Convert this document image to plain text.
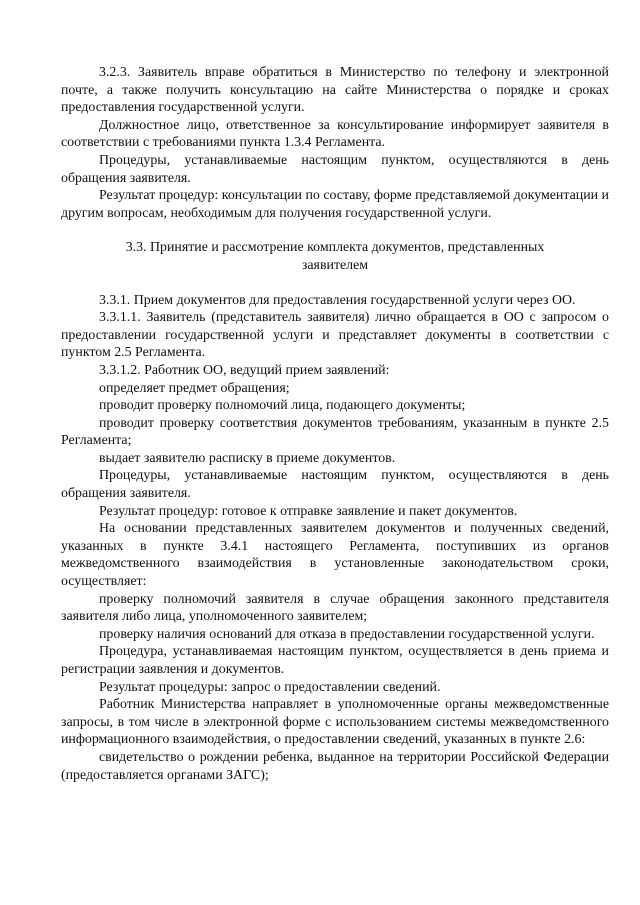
3.2.3. Заявитель вправе обратиться в Министерство по телефону и электронной почте, а также получить консультацию на сайте Министерства о порядке и сроках предоставления государственной услуги.

Должностное лицо, ответственное за консультирование информирует заявителя в соответствии с требованиями пункта 1.3.4 Регламента.

Процедуры, устанавливаемые настоящим пунктом, осуществляются в день обращения заявителя.

Результат процедур: консультации по составу, форме представляемой документации и другим вопросам, необходимым для получения государственной услуги.

3.3. Принятие и рассмотрение комплекта документов, представленных
заявителем

3.3.1. Прием документов для предоставления государственной услуги через ОО.

3.3.1.1. Заявитель (представитель заявителя) лично обращается в ОО с запросом о предоставлении государственной услуги и представляет документы в соответствии с пунктом 2.5 Регламента.

3.3.1.2. Работник ОО, ведущий прием заявлений:

определяет предмет обращения;

проводит проверку полномочий лица, подающего документы;

проводит проверку соответствия документов требованиям, указанным в пункте 2.5 Регламента;

выдает заявителю расписку в приеме документов.

Процедуры, устанавливаемые настоящим пунктом, осуществляются в день обращения заявителя.

Результат процедур: готовое к отправке заявление и пакет документов.

На основании представленных заявителем документов и полученных сведений, указанных в пункте 3.4.1 настоящего Регламента, поступивших из органов межведомственного взаимодействия в установленные законодательством сроки, осуществляет:

проверку полномочий заявителя в случае обращения законного представителя заявителя либо лица, уполномоченного заявителем;

проверку наличия оснований для отказа в предоставлении государственной услуги.

Процедура, устанавливаемая настоящим пунктом, осуществляется в день приема и регистрации заявления и документов.

Результат процедуры: запрос о предоставлении сведений.

Работник Министерства направляет в уполномоченные органы межведомственные запросы, в том числе в электронной форме с использованием системы межведомственного информационного взаимодействия, о предоставлении сведений, указанных в пункте 2.6:

свидетельство о рождении ребенка, выданное на территории Российской Федерации (предоставляется органами ЗАГС);
